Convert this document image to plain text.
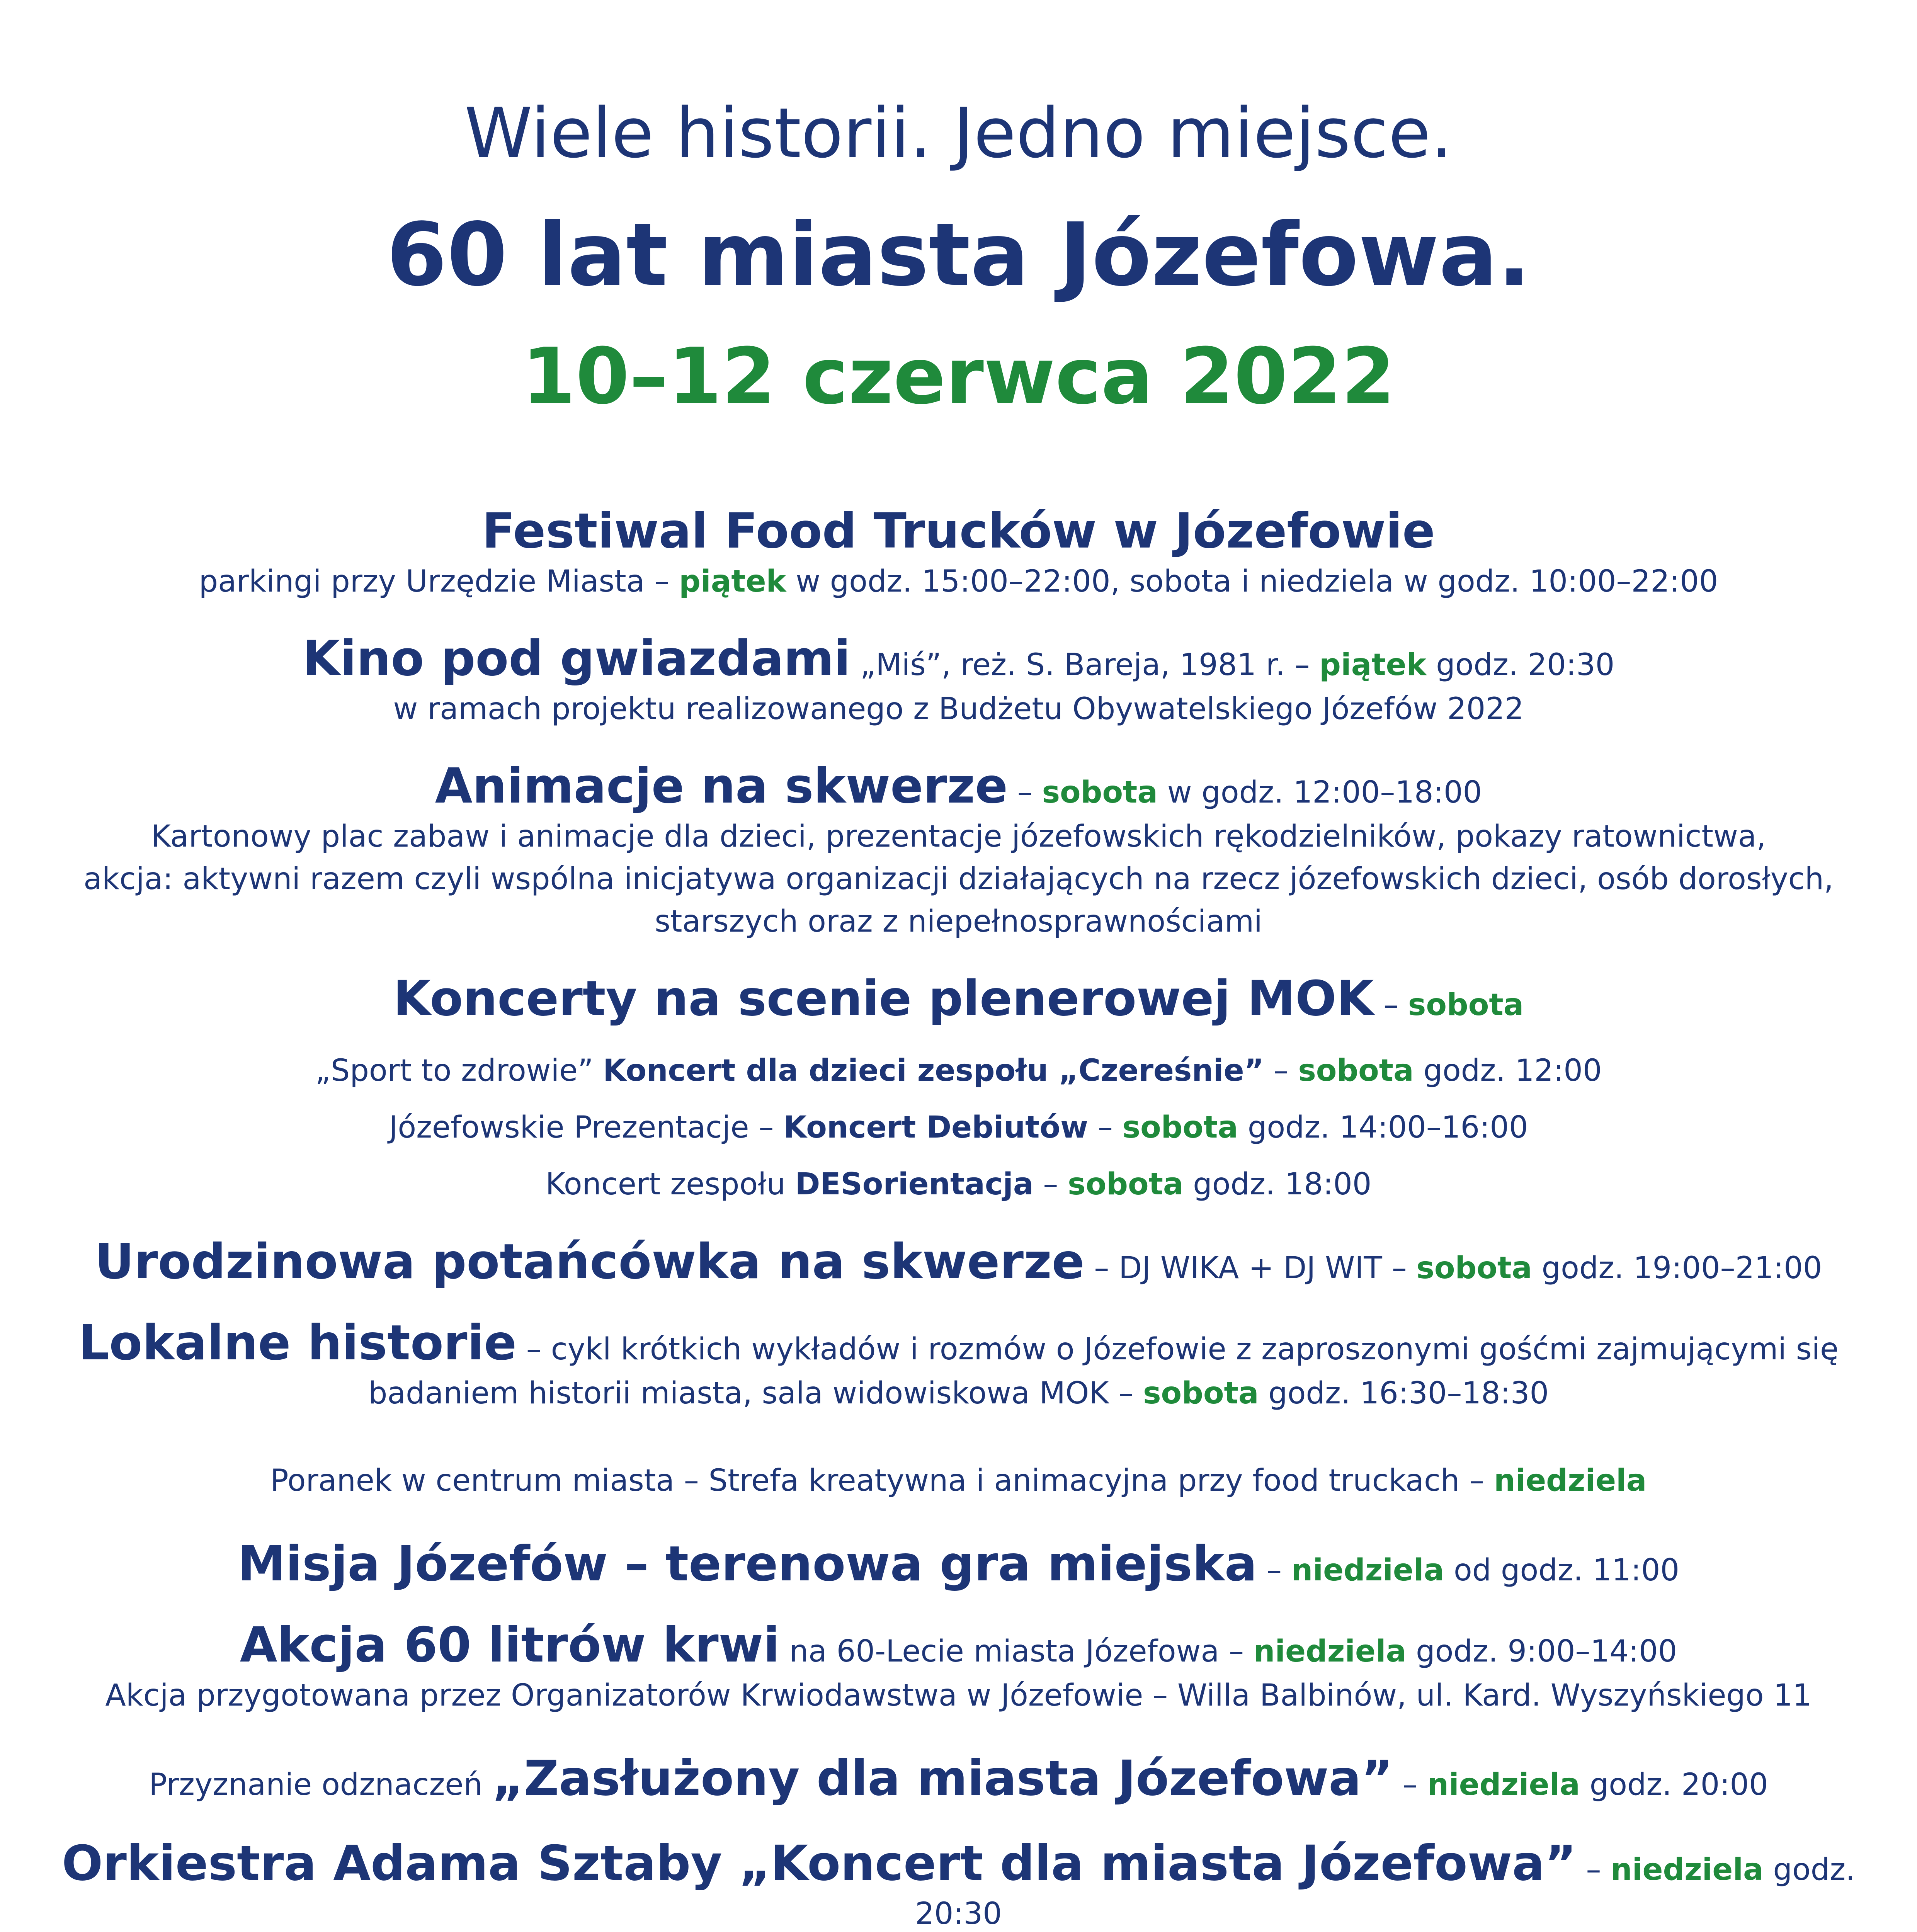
Wiele historii. Jedno miejsce.
60 lat miasta Józefowa.
10–12 czerwca 2022
Festiwal Food Trucków w Józefowie
parkingi przy Urzędzie Miasta – piątek w godz. 15:00–22:00, sobota i niedziela w godz. 10:00–22:00
Kino pod gwiazdami „Miś”, reż. S. Bareja, 1981 r. – piątek godz. 20:30
w ramach projektu realizowanego z Budżetu Obywatelskiego Józefów 2022
Animacje na skwerze – sobota w godz. 12:00–18:00
Kartonowy plac zabaw i animacje dla dzieci, prezentacje józefowskich rękodzielników, pokazy ratownictwa,
akcja: aktywni razem czyli wspólna inicjatywa organizacji działających na rzecz józefowskich dzieci, osób dorosłych,
starszych oraz z niepełnosprawnościami
Koncerty na scenie plenerowej MOK – sobota
„Sport to zdrowie” Koncert dla dzieci zespołu „Czereśnie” – sobota godz. 12:00
Józefowskie Prezentacje – Koncert Debiutów – sobota godz. 14:00–16:00
Koncert zespołu DESorientacja – sobota godz. 18:00
Urodzinowa potańcówka na skwerze – DJ WIKA + DJ WIT – sobota godz. 19:00–21:00
Lokalne historie – cykl krótkich wykładów i rozmów o Józefowie z zaproszonymi gośćmi zajmującymi się
badaniem historii miasta, sala widowiskowa MOK – sobota godz. 16:30–18:30
Poranek w centrum miasta – Strefa kreatywna i animacyjna przy food truckach – niedziela
Misja Józefów – terenowa gra miejska – niedziela od godz. 11:00
Akcja 60 litrów krwi na 60-Lecie miasta Józefowa – niedziela godz. 9:00–14:00
Akcja przygotowana przez Organizatorów Krwiodawstwa w Józefowie – Willa Balbinów, ul. Kard. Wyszyńskiego 11
Przyznanie odznaczeń „Zasłużony dla miasta Józefowa” – niedziela godz. 20:00
Orkiestra Adama Sztaby „Koncert dla miasta Józefowa” – niedziela godz. 20:30
